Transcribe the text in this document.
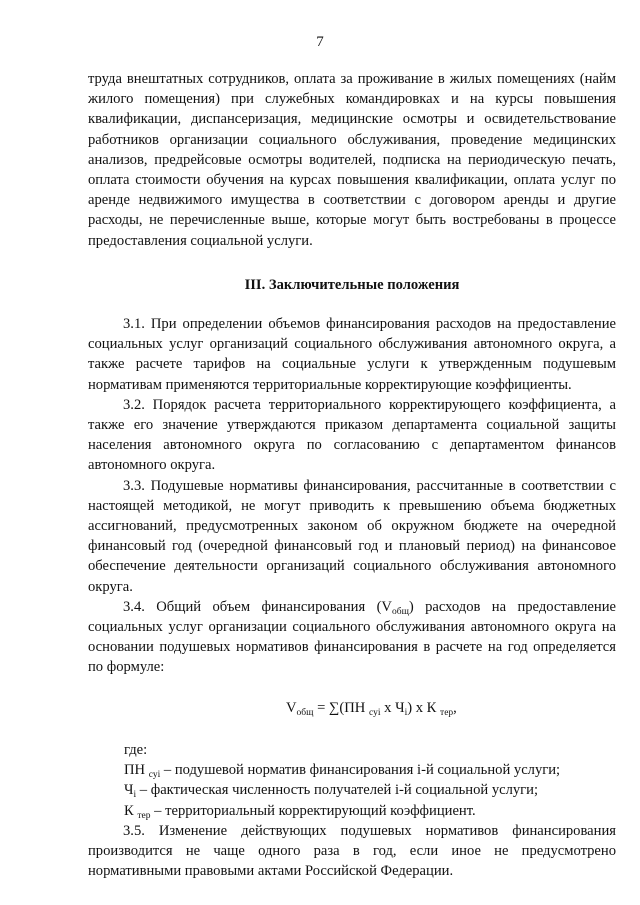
7

труда внештатных сотрудников, оплата за проживание в жилых помещениях (найм жилого помещения) при служебных командировках и на курсы повышения квалификации, диспансеризация, медицинские осмотры и освидетельствование работников организации социального обслуживания, проведение медицинских анализов, предрейсовые осмотры водителей, подписка на периодическую печать, оплата стоимости обучения на курсах повышения квалификации, оплата услуг по аренде недвижимого имущества в соответствии с договором аренды и другие расходы, не перечисленные выше, которые могут быть востребованы в процессе предоставления социальной услуги.

III. Заключительные положения

3.1. При определении объемов финансирования расходов на предоставление социальных услуг организаций социального обслуживания автономного округа, а также расчете тарифов на социальные услуги к утвержденным подушевым нормативам применяются территориальные корректирующие коэффициенты.

3.2. Порядок расчета территориального корректирующего коэффициента, а также его значение утверждаются приказом департамента социальной защиты населения автономного округа по согласованию с департаментом финансов автономного округа.

3.3. Подушевые нормативы финансирования, рассчитанные в соответствии с настоящей методикой, не могут приводить к превышению объема бюджетных ассигнований, предусмотренных законом об окружном бюджете на очередной финансовый год (очередной финансовый год и плановый период) на финансовое обеспечение деятельности организаций социального обслуживания автономного округа.

3.4. Общий объем финансирования $(V_{общ})$ расходов на предоставление социальных услуг организации социального обслуживания автономного округа на основании подушевых нормативов финансирования в расчете на год определяется по формуле:

$V_{общ} = \sum(ПН$ $_{суi}$ x $Ч_i$) x К $_{тер}$,
где:
ПН $_{суi}$ – подушевой норматив финансирования i-й социальной услуги;
$Ч_i$ – фактическая численность получателей i-й социальной услуги;
К $_{тер}$ – территориальный корректирующий коэффициент.

3.5. Изменение действующих подушевых нормативов финансирования производится не чаще одного раза в год, если иное не предусмотрено нормативными правовыми актами Российской Федерации.
